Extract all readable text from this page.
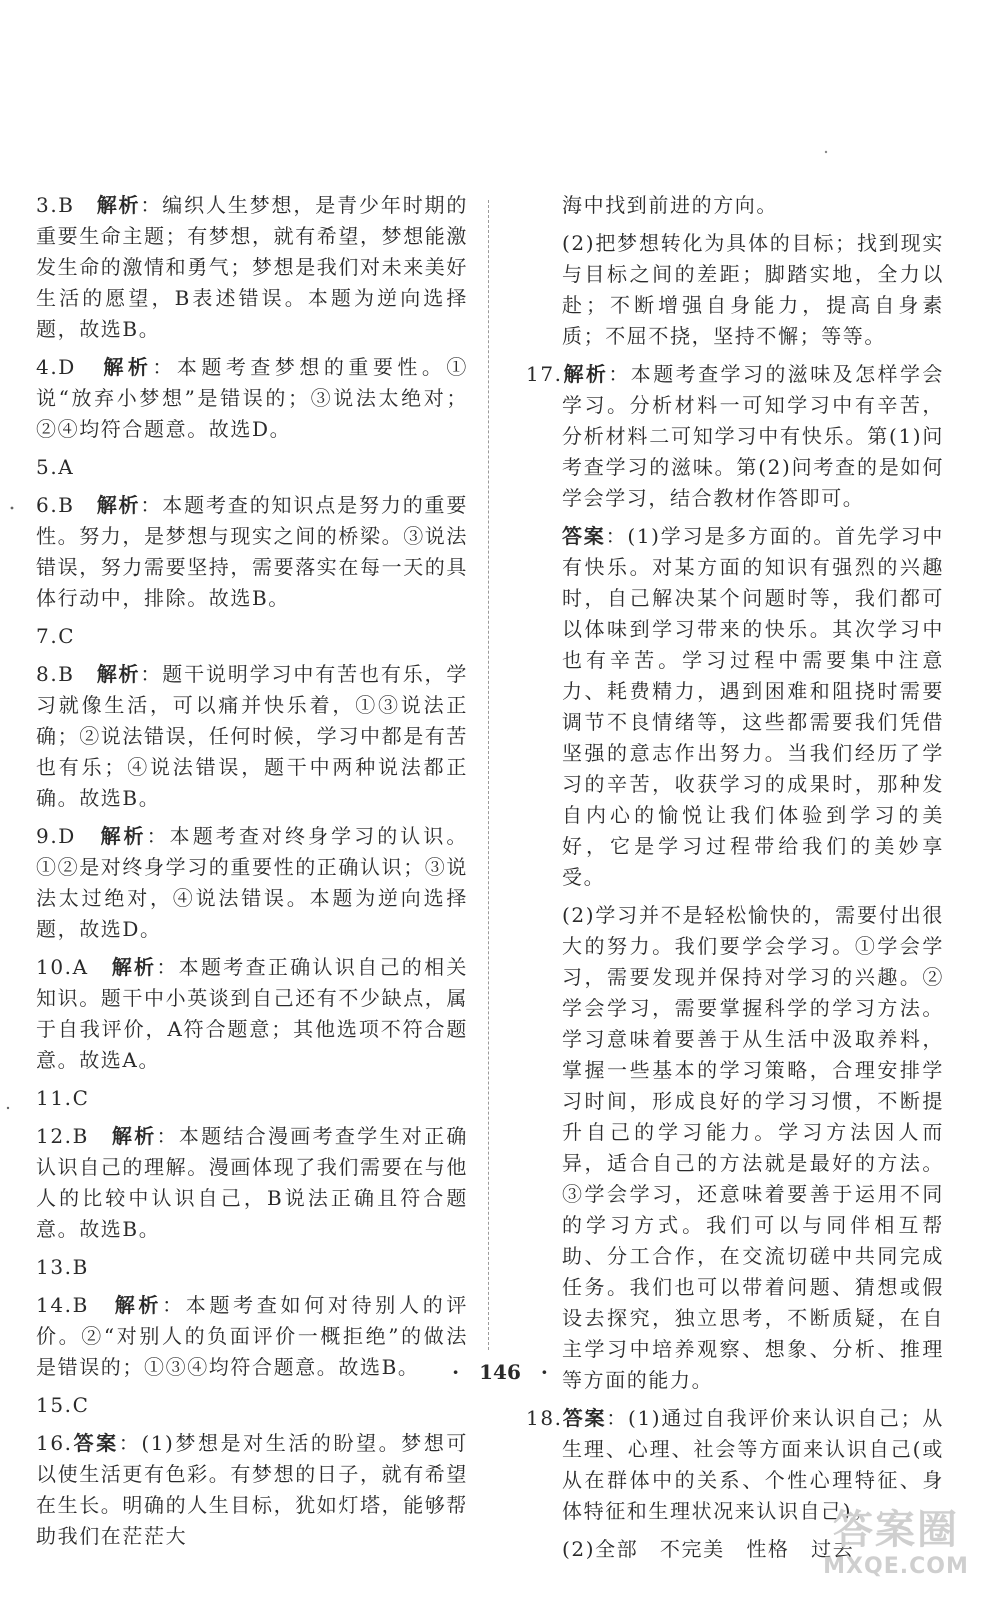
3.B　解析：编织人生梦想，是青少年时期的重要生命主题；有梦想，就有希望，梦想能激发生命的激情和勇气；梦想是我们对未来美好生活的愿望，B表述错误。本题为逆向选择题，故选B。
4.D　解析：本题考查梦想的重要性。①说“放弃小梦想”是错误的；③说法太绝对；②④均符合题意。故选D。
5.A
6.B　解析：本题考查的知识点是努力的重要性。努力，是梦想与现实之间的桥梁。③说法错误，努力需要坚持，需要落实在每一天的具体行动中，排除。故选B。
7.C
8.B　解析：题干说明学习中有苦也有乐，学习就像生活，可以痛并快乐着，①③说法正确；②说法错误，任何时候，学习中都是有苦也有乐；④说法错误，题干中两种说法都正确。故选B。
9.D　解析：本题考查对终身学习的认识。①②是对终身学习的重要性的正确认识；③说法太过绝对，④说法错误。本题为逆向选择题，故选D。
10.A　解析：本题考查正确认识自己的相关知识。题干中小英谈到自己还有不少缺点，属于自我评价，A符合题意；其他选项不符合题意。故选A。
11.C
12.B　解析：本题结合漫画考查学生对正确认识自己的理解。漫画体现了我们需要在与他人的比较中认识自己，B说法正确且符合题意。故选B。
13.B
14.B　解析：本题考查如何对待别人的评价。②“对别人的负面评价一概拒绝”的做法是错误的；①③④均符合题意。故选B。
15.C
16.答案：(1)梦想是对生活的盼望。梦想可以使生活更有色彩。有梦想的日子，就有希望在生长。明确的人生目标，犹如灯塔，能够帮助我们在茫茫大
海中找到前进的方向。
(2)把梦想转化为具体的目标；找到现实与目标之间的差距；脚踏实地，全力以赴；不断增强自身能力，提高自身素质；不屈不挠，坚持不懈；等等。
17.解析：本题考查学习的滋味及怎样学会学习。分析材料一可知学习中有辛苦，分析材料二可知学习中有快乐。第(1)问考查学习的滋味。第(2)问考查的是如何学会学习，结合教材作答即可。
答案：(1)学习是多方面的。首先学习中有快乐。对某方面的知识有强烈的兴趣时，自己解决某个问题时等，我们都可以体味到学习带来的快乐。其次学习中也有辛苦。学习过程中需要集中注意力、耗费精力，遇到困难和阻挠时需要调节不良情绪等，这些都需要我们凭借坚强的意志作出努力。当我们经历了学习的辛苦，收获学习的成果时，那种发自内心的愉悦让我们体验到学习的美好，它是学习过程带给我们的美妙享受。
(2)学习并不是轻松愉快的，需要付出很大的努力。我们要学会学习。①学会学习，需要发现并保持对学习的兴趣。②学会学习，需要掌握科学的学习方法。学习意味着要善于从生活中汲取养料，掌握一些基本的学习策略，合理安排学习时间，形成良好的学习习惯，不断提升自己的学习能力。学习方法因人而异，适合自己的方法就是最好的方法。③学会学习，还意味着要善于运用不同的学习方式。我们可以与同伴相互帮助、分工合作，在交流切磋中共同完成任务。我们也可以带着问题、猜想或假设去探究，独立思考，不断质疑，在自主学习中培养观察、想象、分析、推理等方面的能力。
18.答案：(1)通过自我评价来认识自己；从生理、心理、社会等方面来认识自己(或从在群体中的关系、个性心理特征、身体特征和生理状况来认识自己)。
(2)全部　不完美　性格　过去
·　146　·
答案圈
MXQE.COM
